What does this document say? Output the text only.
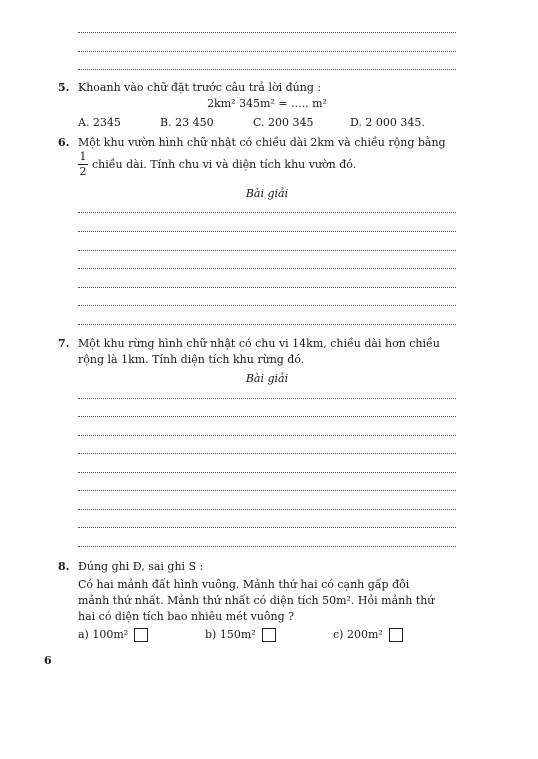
5. Khoanh vào chữ đặt trước câu trả lời đúng :
2km² 345m² = ..... m²
A. 2345	B. 23 450	C. 200 345	D. 2 000 345.
6. Một khu vườn hình chữ nhật có chiều dài 2km và chiều rộng bằng
1
2
chiều dài. Tính chu vi và diện tích khu vườn đó.
Bài giải
7. Một khu rừng hình chữ nhật có chu vi 14km, chiều dài hơn chiều
rộng là 1km. Tính diện tích khu rừng đó.
Bài giải
8. Đúng ghi Đ, sai ghi S :
Có hai mảnh đất hình vuông. Mảnh thứ hai có cạnh gấp đôi
mảnh thứ nhất. Mảnh thứ nhất có diện tích 50m². Hỏi mảnh thứ
hai có diện tích bao nhiêu mét vuông ?
a) 100m²	b) 150m²	c) 200m²
6
